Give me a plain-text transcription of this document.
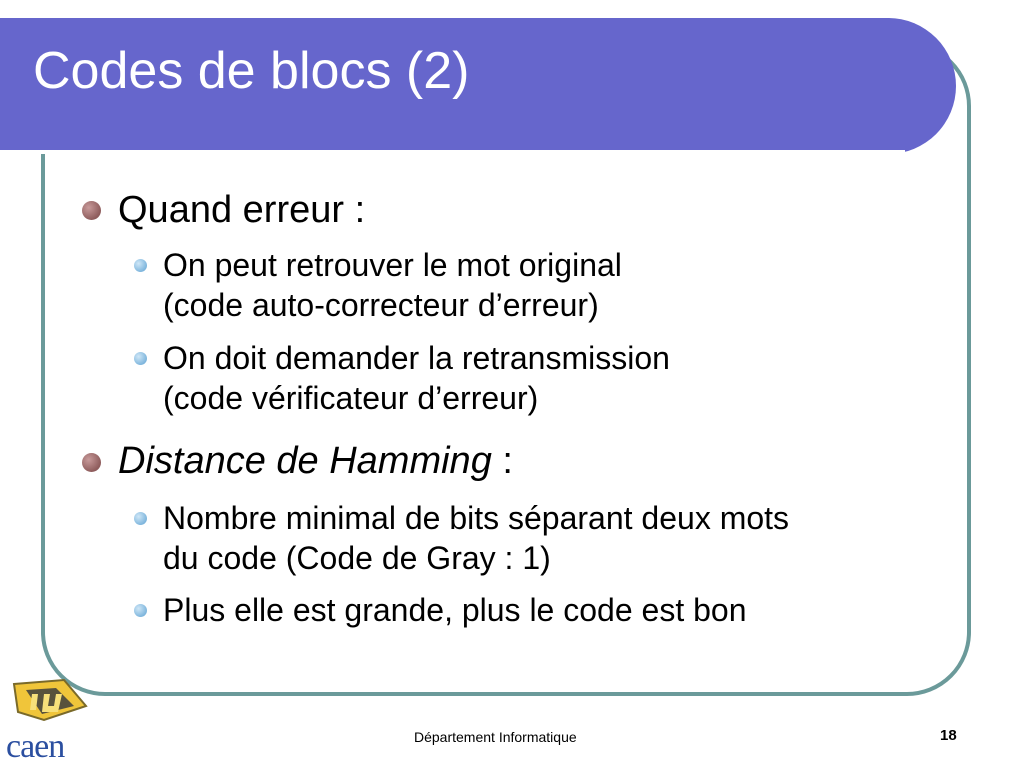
Codes de blocs (2)
Quand erreur :
On peut retrouver le mot original
(code auto-correcteur d’erreur)
On doit demander la retransmission
(code vérificateur d’erreur)
Distance de Hamming :
Nombre minimal de bits séparant deux mots
du code (Code de Gray : 1)
Plus elle est grande, plus le code est bon
caen	Département Informatique	18
